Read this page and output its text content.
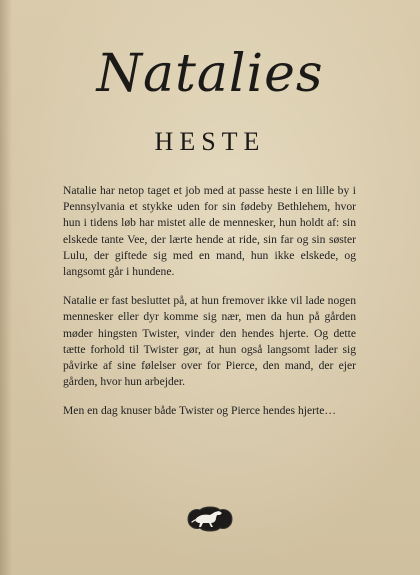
Natalies
HESTE

Natalie har netop taget et job med at passe heste i en lille by i Pennsylvania et stykke uden for sin fødeby Bethlehem, hvor hun i tidens løb har mistet alle de mennesker, hun holdt af: sin elskede tante Vee, der lærte hende at ride, sin far og sin søster Lulu, der giftede sig med en mand, hun ikke elskede, og langsomt går i hundene.

Natalie er fast besluttet på, at hun fremover ikke vil lade nogen mennesker eller dyr komme sig nær, men da hun på gården møder hingsten Twister, vinder den hendes hjerte. Og dette tætte forhold til Twister gør, at hun også langsomt lader sig påvirke af sine følelser over for Pierce, den mand, der ejer gården, hvor hun arbejder.

Men en dag knuser både Twister og Pierce hendes hjerte…
